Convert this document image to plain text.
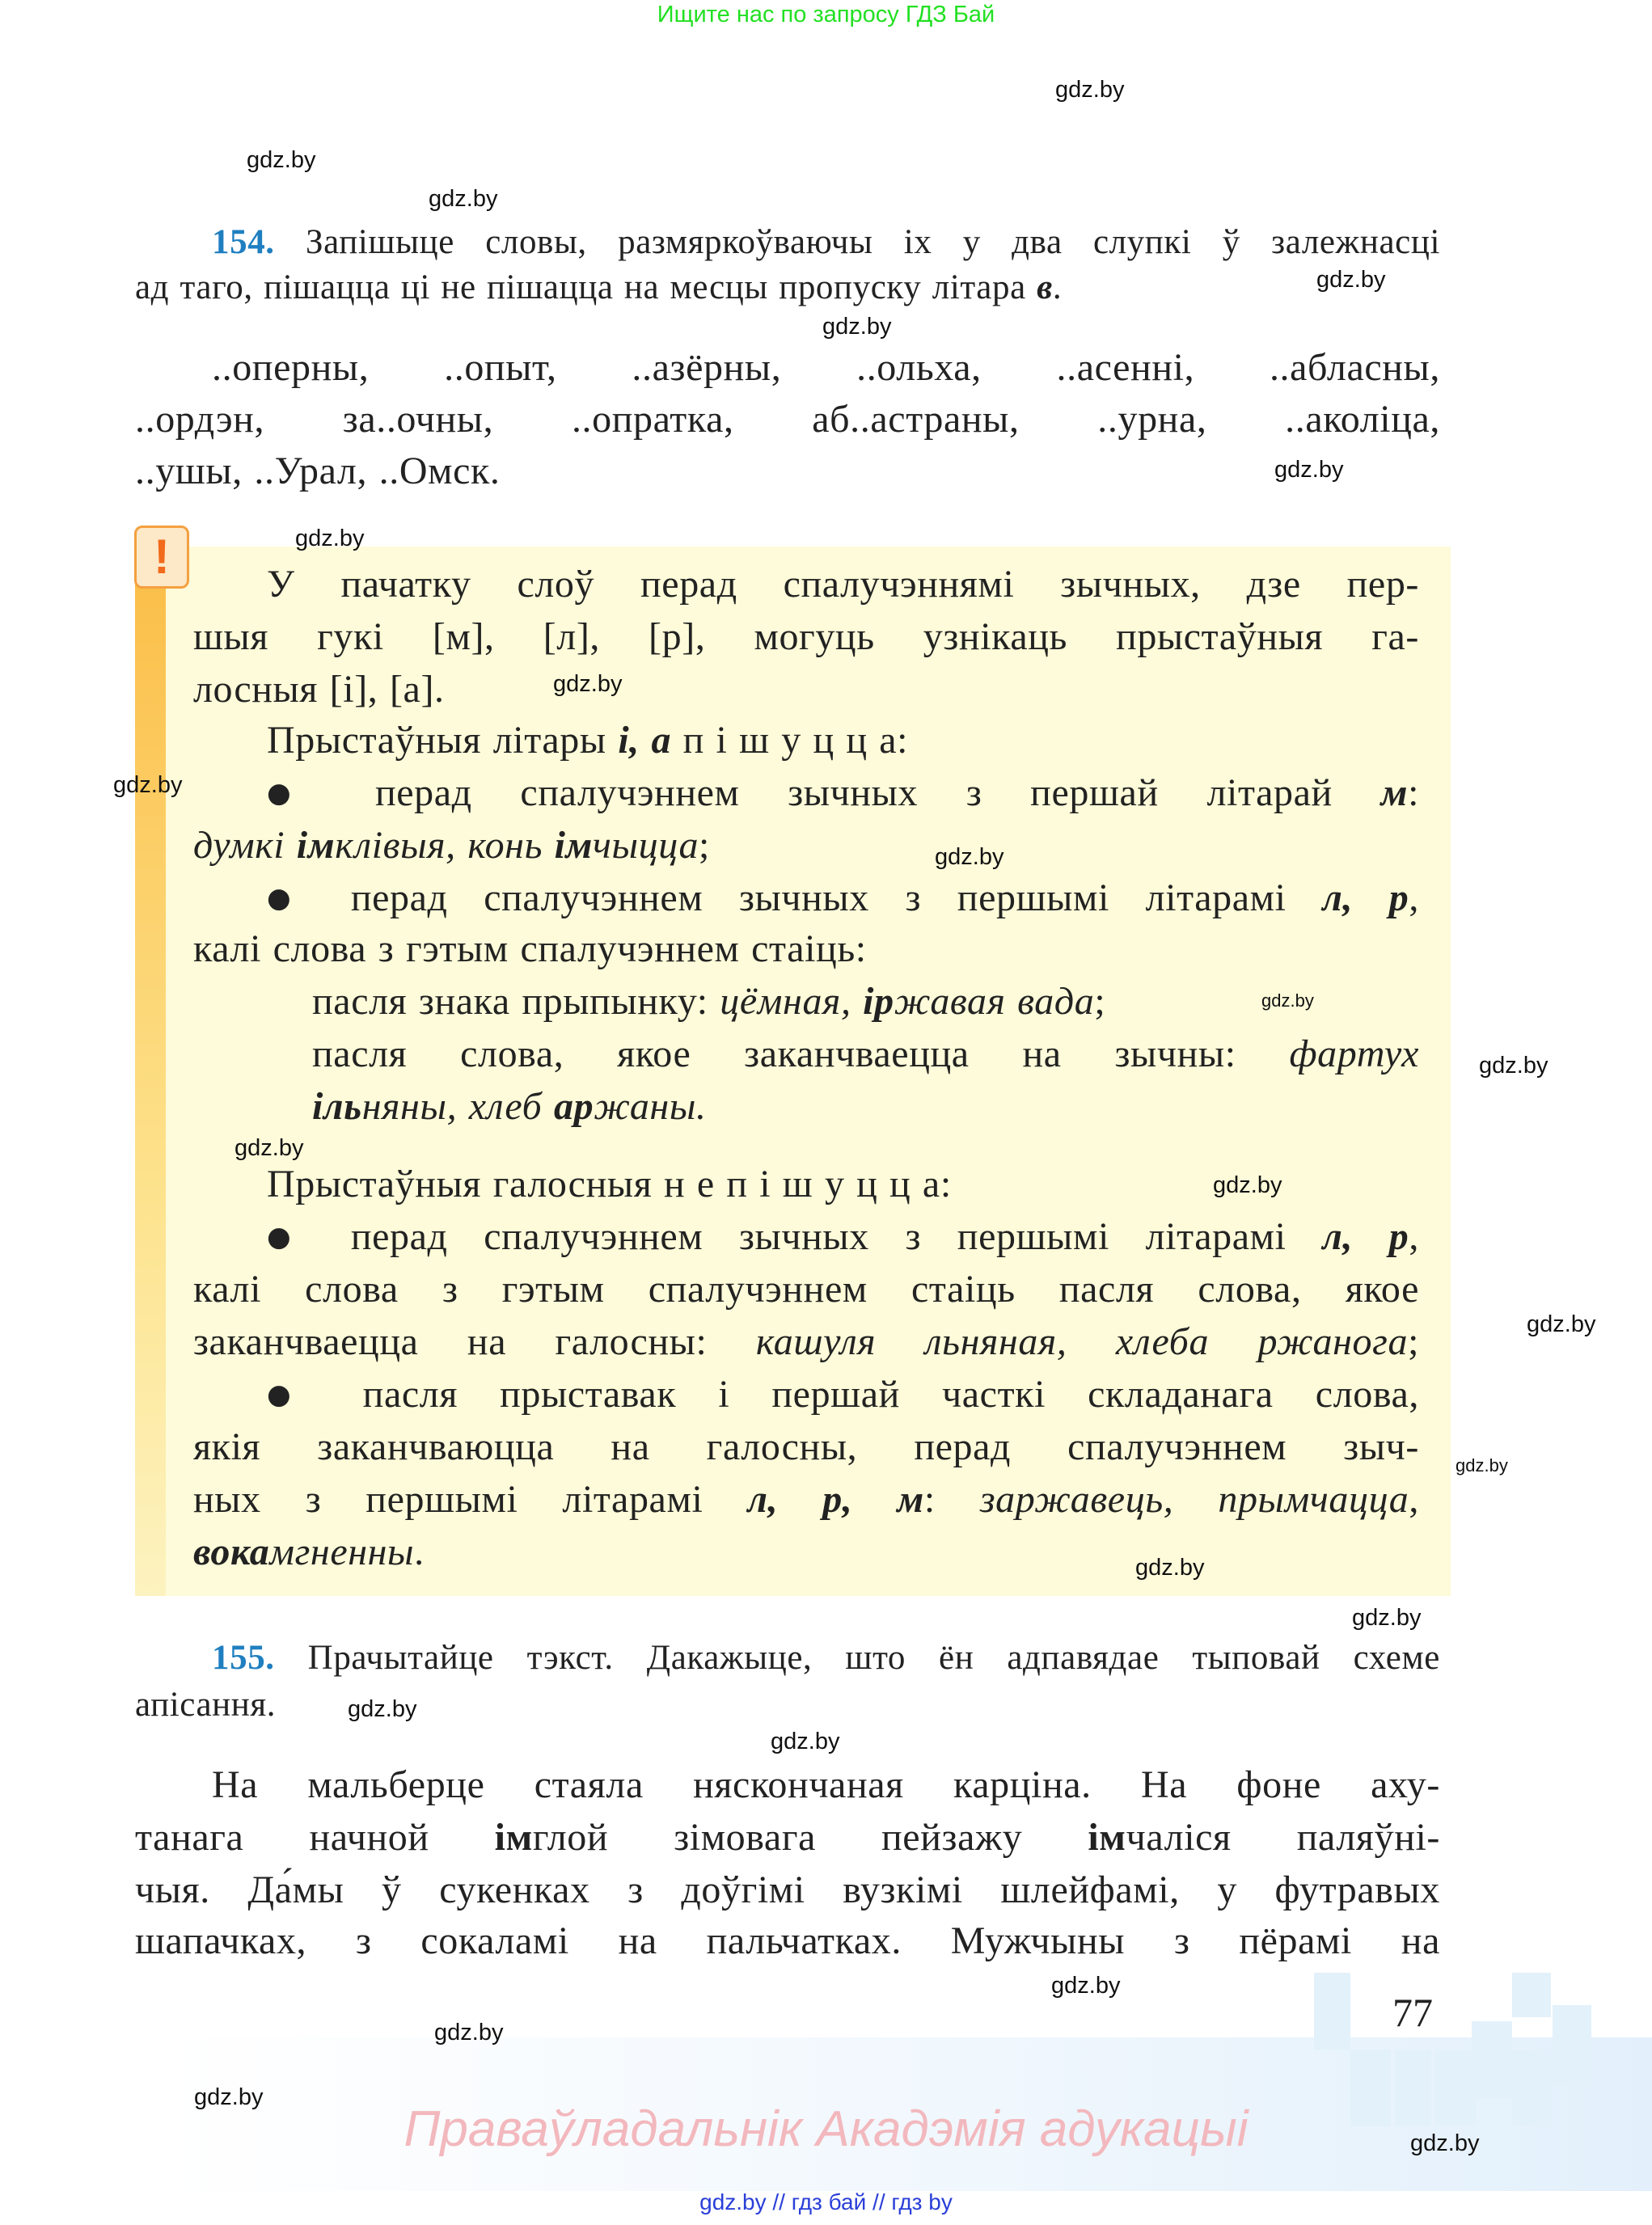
Ищите нас по запросу ГДЗ Бай
!
154. Запішыце словы, размяркоўваючы іх у два слупкі ў залежнасці
ад таго, пішацца ці не пішацца на месцы пропуску літара в.
..оперны, ..опыт, ..азёрны, ..ольха, ..асенні, ..абласны,
..ордэн, за..очны, ..опратка, аб..астраны, ..урна, ..аколіца,
..ушы, ..Урал, ..Омск.
У пачатку слоў перад спалучэннямі зычных, дзе пер-
шыя гукі [м], [л], [р], могуць узнікаць прыстаўныя га-
лосныя [і], [а].
Прыстаўныя літары і, а п і ш у ц ц а:
● перад спалучэннем зычных з першай літарай м:
думкі імклівыя, конь імчыцца;
● перад спалучэннем зычных з першымі літарамі л, р,
калі слова з гэтым спалучэннем стаіць:
пасля знака прыпынку: цёмная, іржавая вада;
пасля слова, якое заканчваецца на зычны: фартух
ільняны, хлеб аржаны.
Прыстаўныя галосныя н е п і ш у ц ц а:
● перад спалучэннем зычных з першымі літарамі л, р,
калі слова з гэтым спалучэннем стаіць пасля слова, якое
заканчваецца на галосны: кашуля льняная, хлеба ржанога;
● пасля прыставак і першай часткі складанага слова,
якія заканчваюцца на галосны, перад спалучэннем зыч-
ных з першымі літарамі л, р, м: заржавець, прымчацца,
вокамгненны.
155. Прачытайце тэкст. Дакажыце, што ён адпавядае тыповай схеме
апісання.
На мальберце стаяла няскончаная карціна. На фоне аху-
танага начной імглой зімовага пейзажу імчаліся паляўні-
чыя. Да́мы ў сукенках з доўгімі вузкімі шлейфамі, у футравых
шапачках, з сокаламі на пальчатках. Мужчыны з пёрамі на
gdz.by
gdz.by
gdz.by
gdz.by
gdz.by
gdz.by
gdz.by
gdz.by
gdz.by
gdz.by
gdz.by
gdz.by
gdz.by
gdz.by
gdz.by
gdz.by
gdz.by
gdz.by
gdz.by
gdz.by
gdz.by
gdz.by
gdz.by
gdz.by
77
Праваўладальнік Акадэмія адукацыі
gdz.by // гдз бай // гдз by
